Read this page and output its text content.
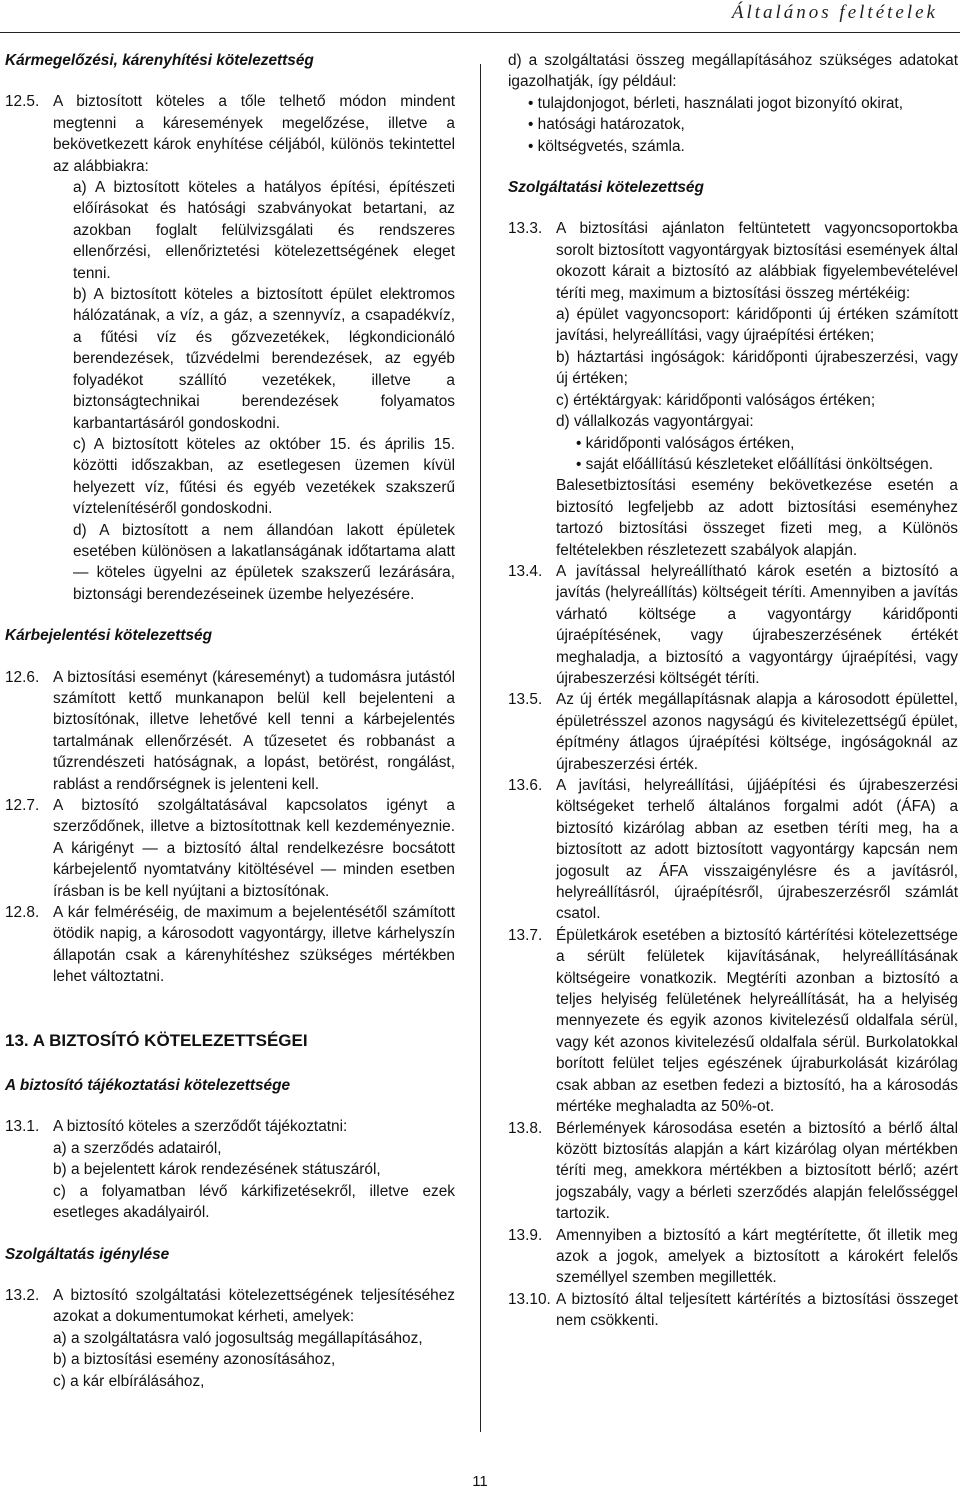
Általános feltételek
Kármegelőzési, kárenyhítési kötelezettség
12.5. A biztosított köteles a tőle telhető módon mindent megtenni a káresemények megelőzése, illetve a bekövetkezett károk enyhítése céljából, különös tekintettel az alábbiakra:
a) A biztosított köteles a hatályos építési, építészeti előírásokat és hatósági szabványokat betartani, az azokban foglalt felülvizsgálati és rendszeres ellenőrzési, ellenőriztetési kötelezettségének eleget tenni.
b) A biztosított köteles a biztosított épület elektromos hálózatának, a víz, a gáz, a szennyvíz, a csapadékvíz, a fűtési víz és gőzvezetékek, légkondicionáló berendezések, tűzvédelmi berendezések, az egyéb folyadékot szállító vezetékek, illetve a biztonságtechnikai berendezések folyamatos karbantartásáról gondoskodni.
c) A biztosított köteles az október 15. és április 15. közötti időszakban, az esetlegesen üzemen kívül helyezett víz, fűtési és egyéb vezetékek szakszerű víztelenítéséről gondoskodni.
d) A biztosított a nem állandóan lakott épületek esetében különösen a lakatlanságának időtartama alatt — köteles ügyelni az épületek szakszerű lezárására, biztonsági berendezéseinek üzembe helyezésére.
Kárbejelentési kötelezettség
12.6. A biztosítási eseményt (káreseményt) a tudomásra jutástól számított kettő munkanapon belül kell bejelenteni a biztosítónak, illetve lehetővé kell tenni a kárbejelentés tartalmának ellenőrzését. A tűzesetet és robbanást a tűzrendészeti hatóságnak, a lopást, betörést, rongálást, rablást a rendőrségnek is jelenteni kell.
12.7. A biztosító szolgáltatásával kapcsolatos igényt a szerződőnek, illetve a biztosítottnak kell kezdeményeznie. A kárigényt — a biztosító által rendelkezésre bocsátott kárbejelentő nyomtatvány kitöltésével — minden esetben írásban is be kell nyújtani a biztosítónak.
12.8. A kár felméréséig, de maximum a bejelentésétől számított ötödik napig, a károsodott vagyontárgy, illetve kárhelyszín állapotán csak a kárenyhítéshez szükséges mértékben lehet változtatni.
13. A BIZTOSÍTÓ KÖTELEZETTSÉGEI
A biztosító tájékoztatási kötelezettsége
13.1. A biztosító köteles a szerződőt tájékoztatni:
a) a szerződés adatairól,
b) a bejelentett károk rendezésének státuszáról,
c) a folyamatban lévő kárkifizetésekről, illetve ezek esetleges akadályairól.
Szolgáltatás igénylése
13.2. A biztosító szolgáltatási kötelezettségének teljesítéséhez azokat a dokumentumokat kérheti, amelyek:
a) a szolgáltatásra való jogosultság megállapításához,
b) a biztosítási esemény azonosításához,
c) a kár elbírálásához,
d) a szolgáltatási összeg megállapításához szükséges adatokat igazolhatják, így például:
• tulajdonjogot, bérleti, használati jogot bizonyító okirat,
• hatósági határozatok,
• költségvetés, számla.
Szolgáltatási kötelezettség
13.3. A biztosítási ajánlaton feltüntetett vagyoncsoportokba sorolt biztosított vagyontárgyak biztosítási események által okozott kárait a biztosító az alábbiak figyelembevételével téríti meg, maximum a biztosítási összeg mértékéig:
a) épület vagyoncsoport: káridőponti új értéken számított javítási, helyreállítási, vagy újraépítési értéken;
b) háztartási ingóságok: káridőponti újrabeszerzési, vagy új értéken;
c) értéktárgyak: káridőponti valóságos értéken;
d) vállalkozás vagyontárgyai:
• káridőponti valóságos értéken,
• saját előállítású készleteket előállítási önköltségen.
Balesetbiztosítási esemény bekövetkezése esetén a biztosító legfeljebb az adott biztosítási eseményhez tartozó biztosítási összeget fizeti meg, a Különös feltételekben részletezett szabályok alapján.
13.4. A javítással helyreállítható károk esetén a biztosító a javítás (helyreállítás) költségeit téríti. Amennyiben a javítás várható költsége a vagyontárgy káridőponti újraépítésének, vagy újrabeszerzésének értékét meghaladja, a biztosító a vagyontárgy újraépítési, vagy újrabeszerzési költségét téríti.
13.5. Az új érték megállapításnak alapja a károsodott épülettel, épületrésszel azonos nagyságú és kivitelezettségű épület, építmény átlagos újraépítési költsége, ingóságoknál az újrabeszerzési érték.
13.6. A javítási, helyreállítási, újjáépítési és újrabeszerzési költségeket terhelő általános forgalmi adót (ÁFA) a biztosító kizárólag abban az esetben téríti meg, ha a biztosított az adott biztosított vagyontárgy kapcsán nem jogosult az ÁFA visszaigénylésre és a javításról, helyreállításról, újraépítésről, újrabeszerzésről számlát csatol.
13.7. Épületkárok esetében a biztosító kártérítési kötelezettsége a sérült felületek kijavításának, helyreállításának költségeire vonatkozik. Megtéríti azonban a biztosító a teljes helyiség felületének helyreállítását, ha a helyiség mennyezete és egyik azonos kivitelezésű oldalfala sérül, vagy két azonos kivitelezésű oldalfala sérül. Burkolatokkal borított felület teljes egészének újraburkolását kizárólag csak abban az esetben fedezi a biztosító, ha a károsodás mértéke meghaladta az 50%-ot.
13.8. Bérlemények károsodása esetén a biztosító a bérlő által között biztosítás alapján a kárt kizárólag olyan mértékben téríti meg, amekkora mértékben a biztosított bérlő; azért jogszabály, vagy a bérleti szerződés alapján felelősséggel tartozik.
13.9. Amennyiben a biztosító a kárt megtérítette, őt illetik meg azok a jogok, amelyek a biztosított a károkért felelős személlyel szemben megillették.
13.10. A biztosító által teljesített kártérítés a biztosítási összeget nem csökkenti.
11
